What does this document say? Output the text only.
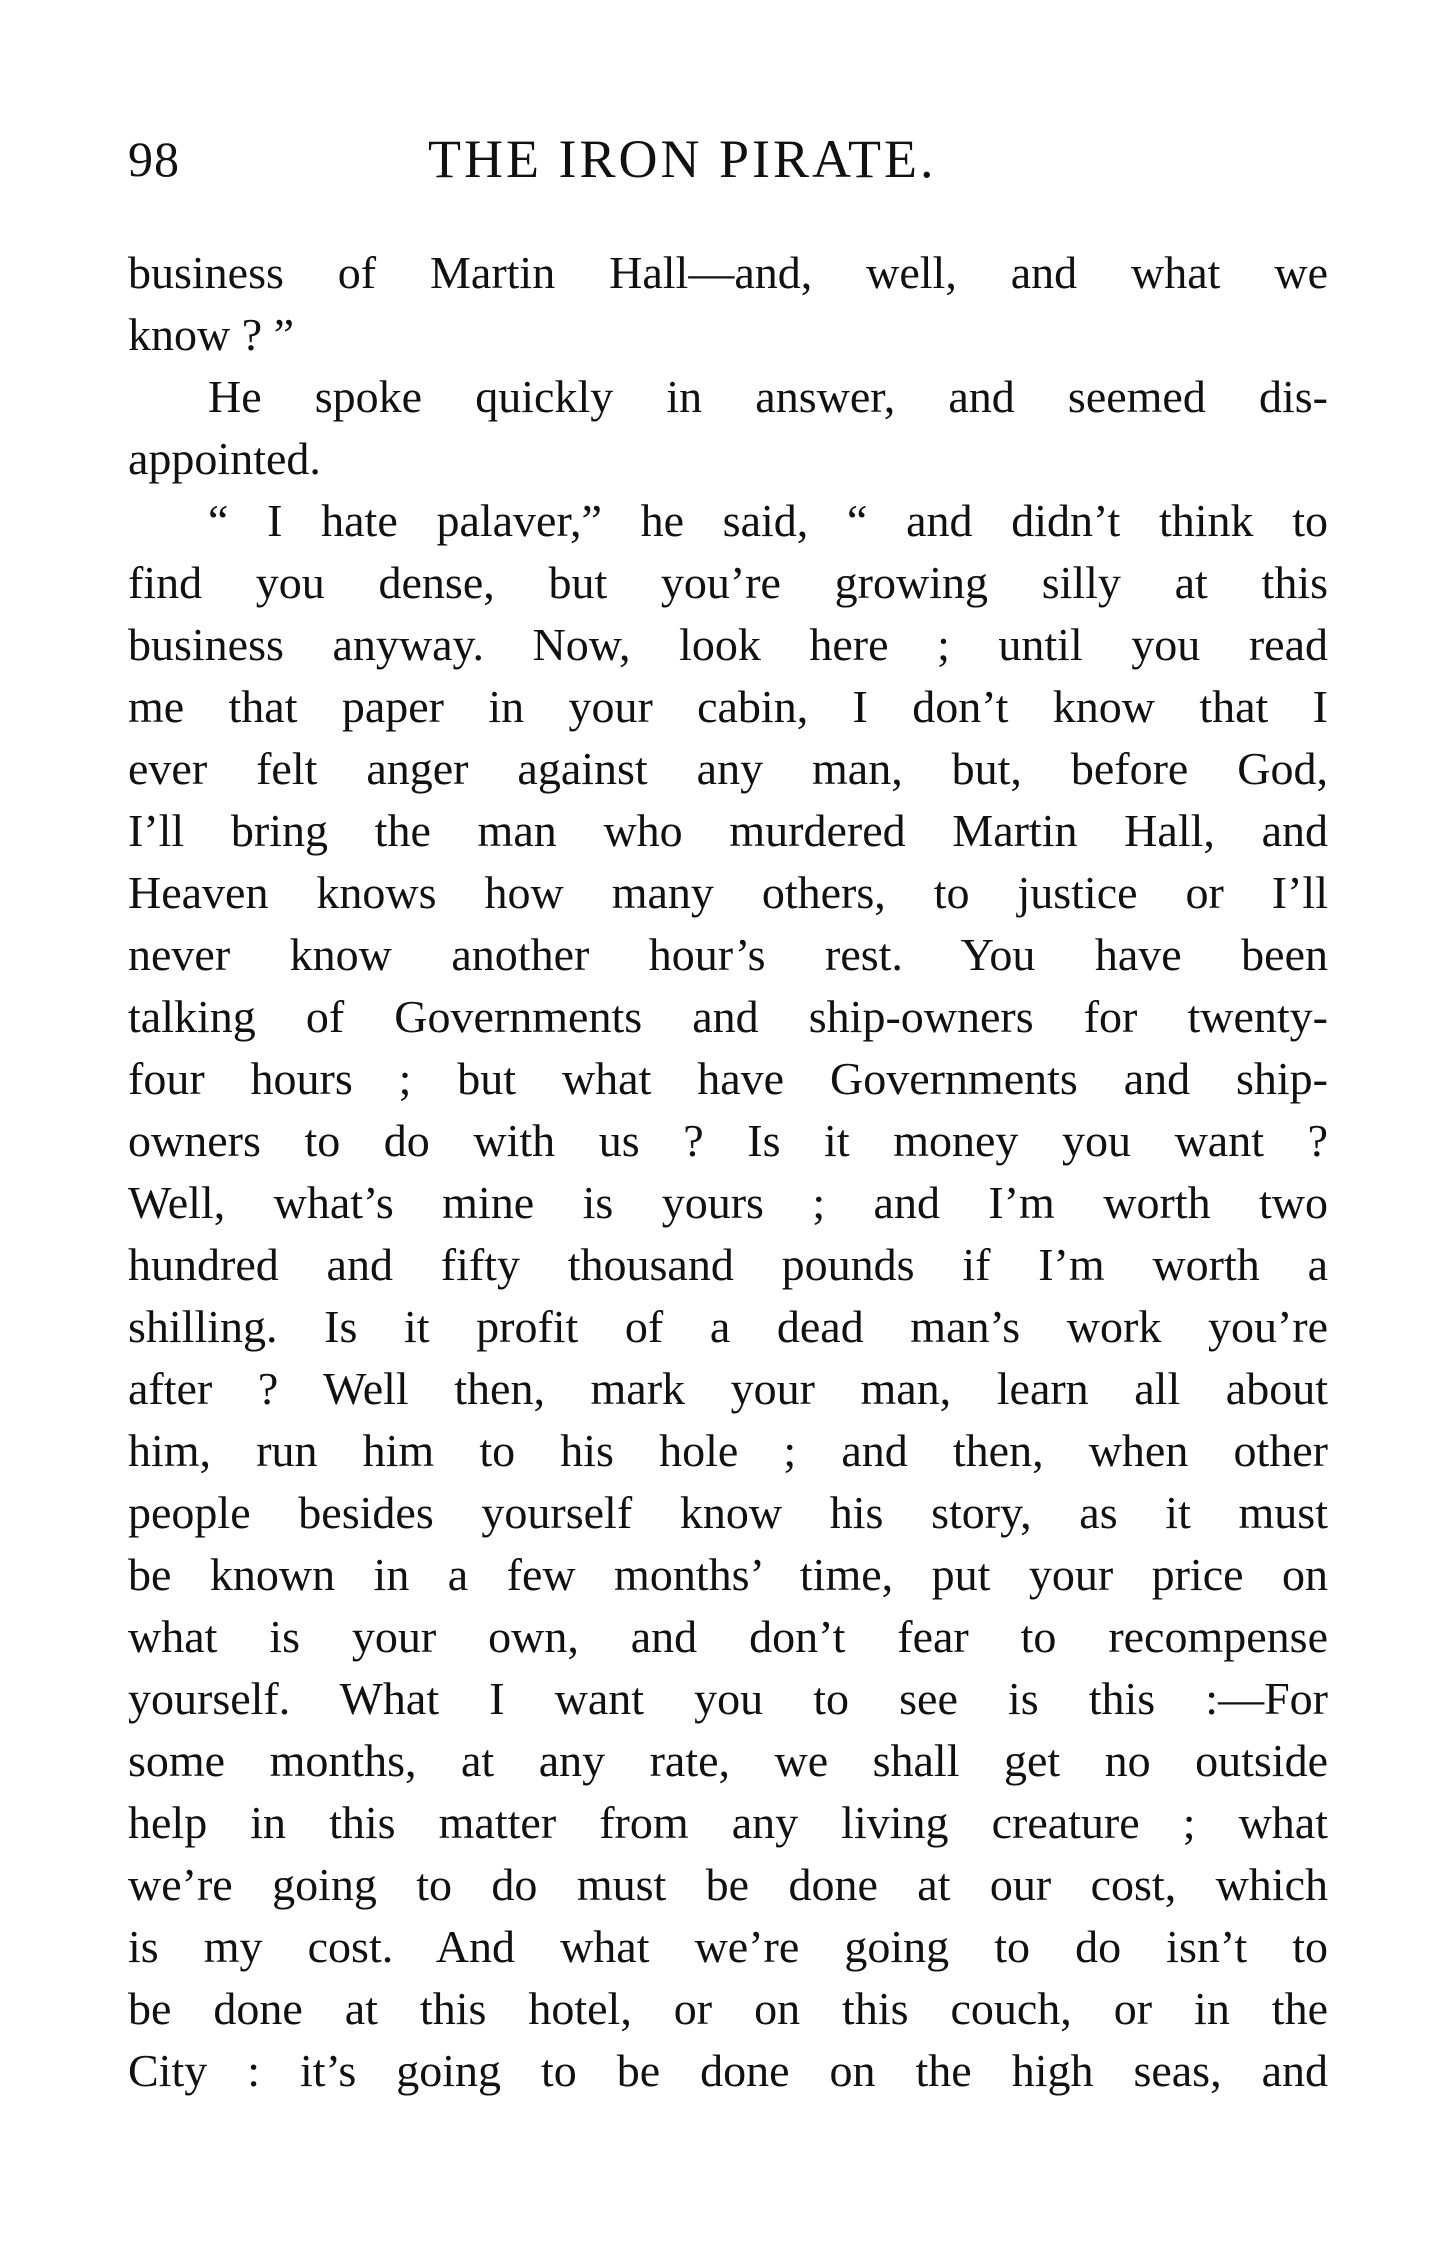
98	THE IRON PIRATE.
business of Martin Hall—and, well, and what we
know ? ”
He spoke quickly in answer, and seemed dis-
appointed.
“ I hate palaver,” he said, “ and didn’t think to
find you dense, but you’re growing silly at this
business anyway. Now, look here ; until you read
me that paper in your cabin, I don’t know that I
ever felt anger against any man, but, before God,
I’ll bring the man who murdered Martin Hall, and
Heaven knows how many others, to justice or I’ll
never know another hour’s rest. You have been
talking of Governments and ship-owners for twenty-
four hours ; but what have Governments and ship-
owners to do with us ? Is it money you want ?
Well, what’s mine is yours ; and I’m worth two
hundred and fifty thousand pounds if I’m worth a
shilling. Is it profit of a dead man’s work you’re
after ? Well then, mark your man, learn all about
him, run him to his hole ; and then, when other
people besides yourself know his story, as it must
be known in a few months’ time, put your price on
what is your own, and don’t fear to recompense
yourself. What I want you to see is this :—For
some months, at any rate, we shall get no outside
help in this matter from any living creature ; what
we’re going to do must be done at our cost, which
is my cost. And what we’re going to do isn’t to
be done at this hotel, or on this couch, or in the
City : it’s going to be done on the high seas, and
